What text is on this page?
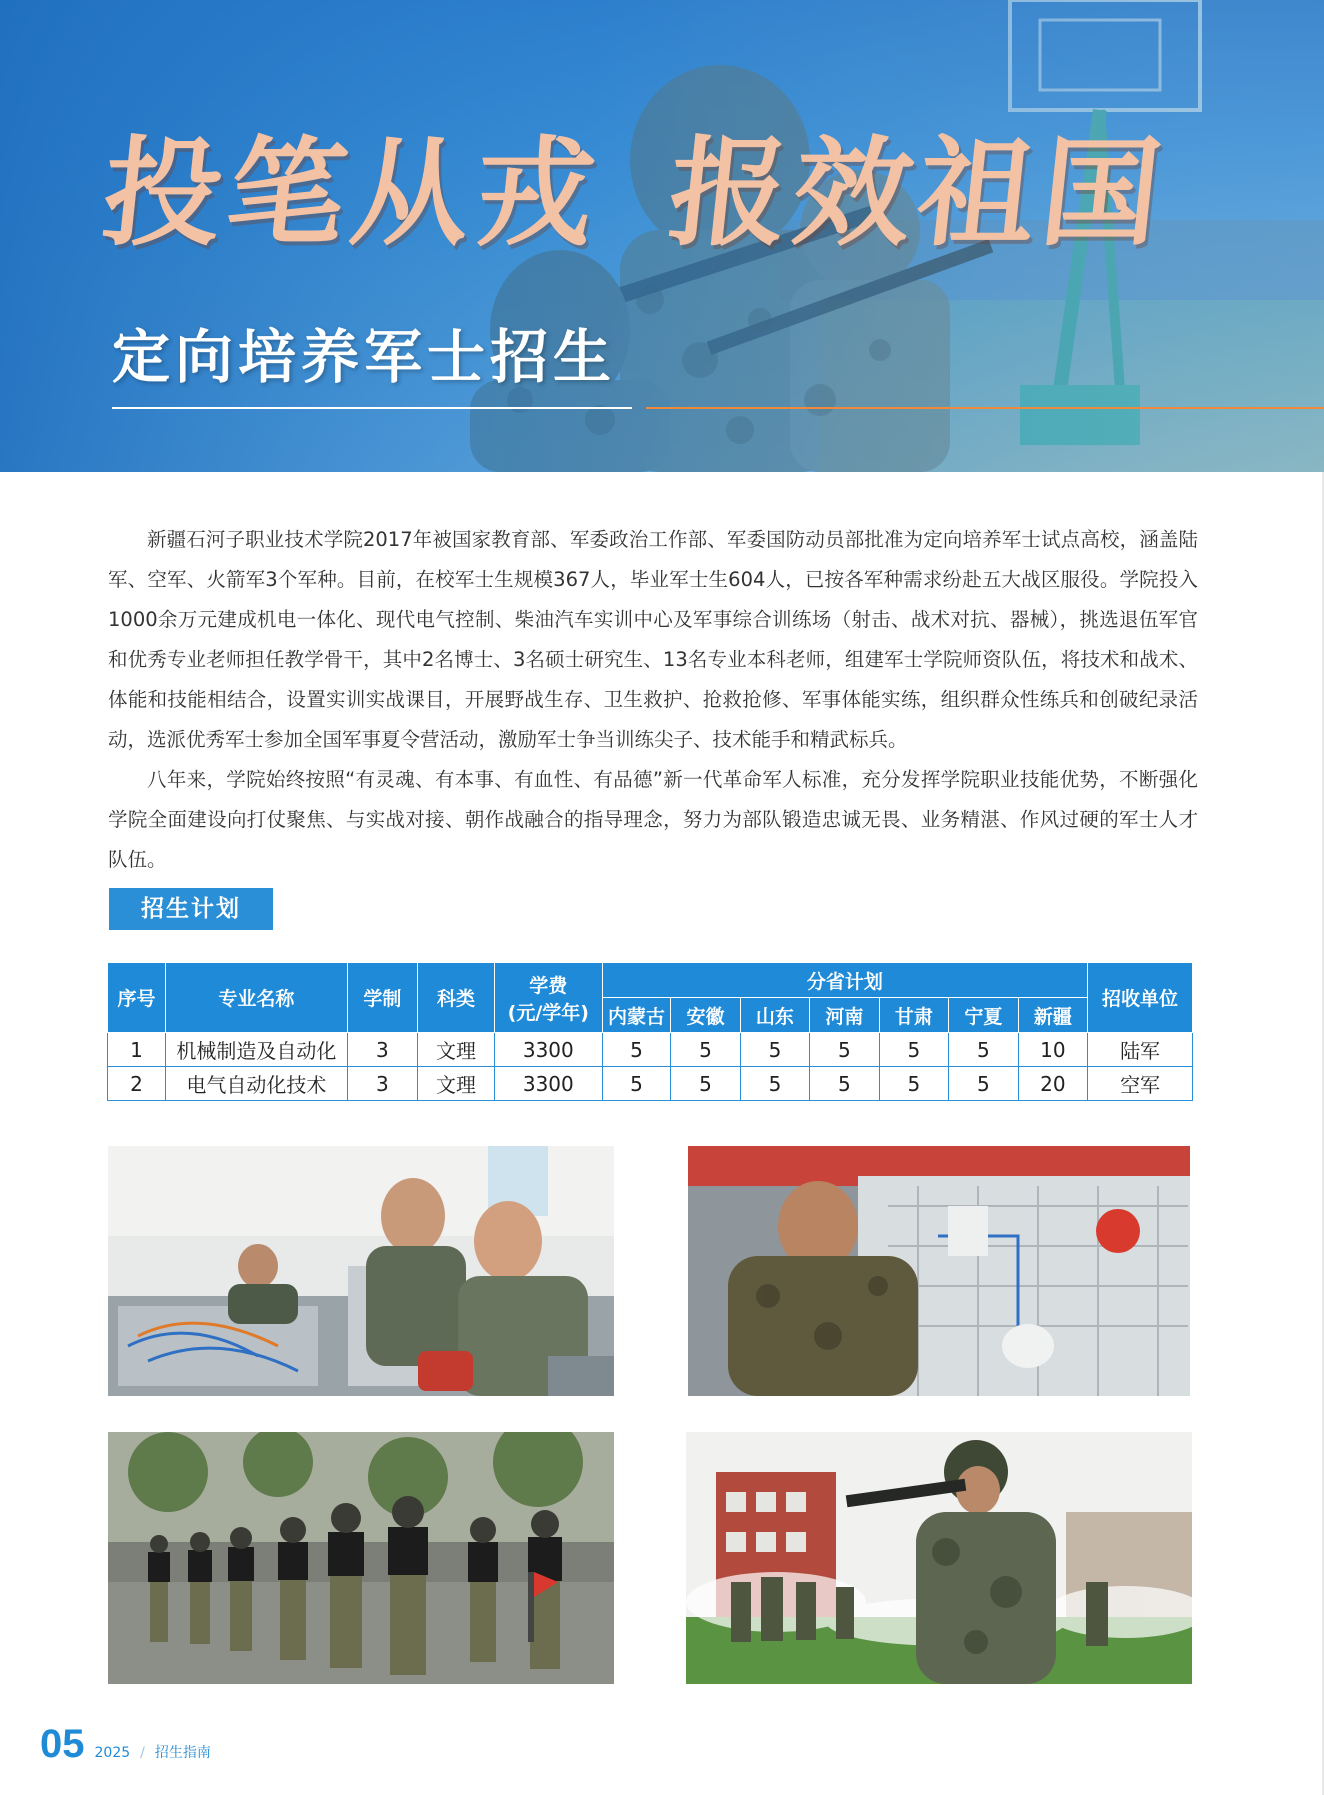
投笔从戎 报效祖国
定向培养军士招生

新疆石河子职业技术学院2017年被国家教育部、军委政治工作部、军委国防动员部批准为定向培养军士试点高校，涵盖陆军、空军、火箭军3个军种。目前，在校军士生规模367人，毕业军士生604人，已按各军种需求纷赴五大战区服役。学院投入1000余万元建成机电一体化、现代电气控制、柴油汽车实训中心及军事综合训练场（射击、战术对抗、器械），挑选退伍军官和优秀专业老师担任教学骨干，其中2名博士、3名硕士研究生、13名专业本科老师，组建军士学院师资队伍，将技术和战术、体能和技能相结合，设置实训实战课目，开展野战生存、卫生救护、抢救抢修、军事体能实练，组织群众性练兵和创破纪录活动，选派优秀军士参加全国军事夏令营活动，激励军士争当训练尖子、技术能手和精武标兵。

八年来，学院始终按照“有灵魂、有本事、有血性、有品德”新一代革命军人标准，充分发挥学院职业技能优势，不断强化学院全面建设向打仗聚焦、与实战对接、朝作战融合的指导理念，努力为部队锻造忠诚无畏、业务精湛、作风过硬的军士人才队伍。

招生计划
序号	专业名称	学制	科类	学费
(元/学年)	分省计划							招收单位
					内蒙古	安徽	山东	河南	甘肃	宁夏	新疆	
1	机械制造及自动化	3	文理	3300	5	5	5	5	5	5	10	陆军
2	电气自动化技术	3	文理	3300	5	5	5	5	5	5	20	空军
05 2025 / 招生指南
